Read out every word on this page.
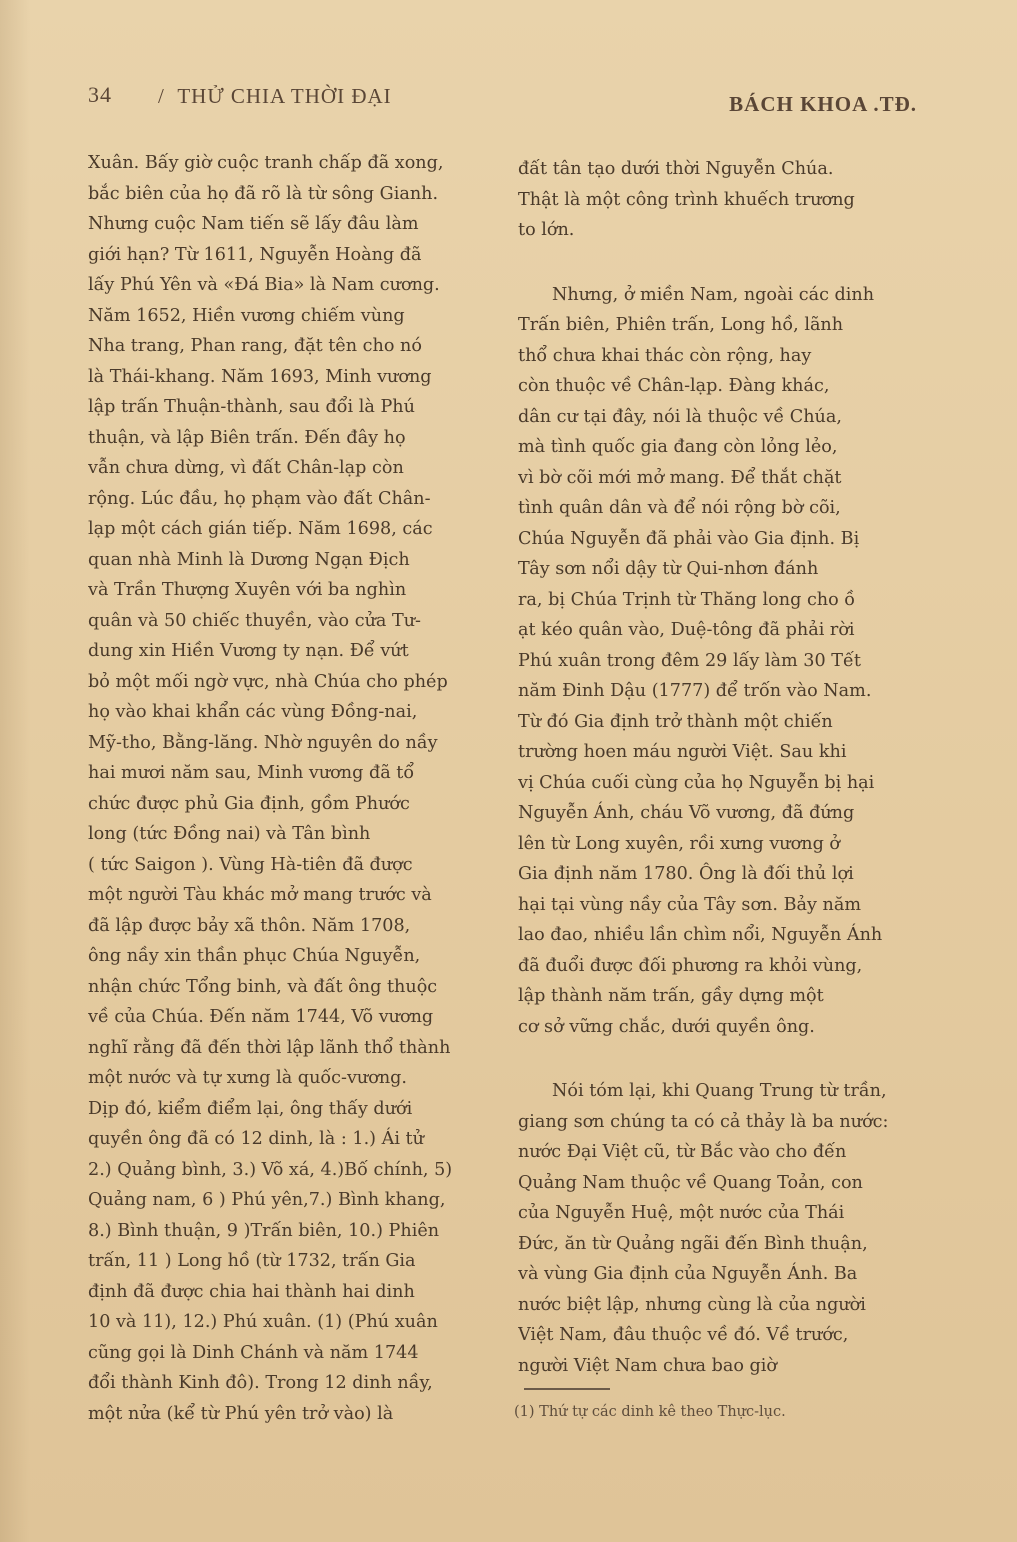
34 / THỬ CHIA THỜI ĐẠI	BÁCH KHOA .TĐ.
Xuân. Bấy giờ cuộc tranh chấp đã xong,
bắc biên của họ đã rõ là từ sông Gianh.
Nhưng cuộc Nam tiến sẽ lấy đâu làm
giới hạn? Từ 1611, Nguyễn Hoàng đã
lấy Phú Yên và «Đá Bia» là Nam cương.
Năm 1652, Hiền vương chiếm vùng
Nha trang, Phan rang, đặt tên cho nó
là Thái-khang. Năm 1693, Minh vương
lập trấn Thuận-thành, sau đổi là Phú
thuận, và lập Biên trấn. Đến đây họ
vẫn chưa dừng, vì đất Chân-lạp còn
rộng. Lúc đầu, họ phạm vào đất Chân-
lạp một cách gián tiếp. Năm 1698, các
quan nhà Minh là Dương Ngạn Địch
và Trần Thượng Xuyên với ba nghìn
quân và 50 chiếc thuyền, vào cửa Tư-
dung xin Hiền Vương ty nạn. Để vứt
bỏ một mối ngờ vực, nhà Chúa cho phép
họ vào khai khẩn các vùng Đồng-nai,
Mỹ-tho, Bằng-lăng. Nhờ nguyên do nầy
hai mươi năm sau, Minh vương đã tổ
chức được phủ Gia định, gồm Phước
long (tức Đồng nai) và Tân bình
( tức Saigon ). Vùng Hà-tiên đã được
một người Tàu khác mở mang trước và
đã lập được bảy xã thôn. Năm 1708,
ông nầy xin thần phục Chúa Nguyễn,
nhận chức Tổng binh, và đất ông thuộc
về của Chúa. Đến năm 1744, Võ vương
nghĩ rằng đã đến thời lập lãnh thổ thành
một nước và tự xưng là quốc-vương.
Dịp đó, kiểm điểm lại, ông thấy dưới
quyền ông đã có 12 dinh, là : 1.) Ái tử
2.) Quảng bình, 3.) Võ xá, 4.)Bố chính, 5)
Quảng nam, 6 ) Phú yên,7.) Bình khang,
8.) Bình thuận, 9 )Trấn biên, 10.) Phiên
trấn, 11 ) Long hồ (từ 1732, trấn Gia
định đã được chia hai thành hai dinh
10 và 11), 12.) Phú xuân. (1) (Phú xuân
cũng gọi là Dinh Chánh và năm 1744
đổi thành Kinh đô). Trong 12 dinh nầy,
một nửa (kể từ Phú yên trở vào) là
đất tân tạo dưới thời Nguyễn Chúa.
Thật là một công trình khuếch trương
to lớn.
Nhưng, ở miền Nam, ngoài các dinh
Trấn biên, Phiên trấn, Long hồ, lãnh
thổ chưa khai thác còn rộng, hay
còn thuộc về Chân-lạp. Đàng khác,
dân cư tại đây, nói là thuộc về Chúa,
mà tình quốc gia đang còn lỏng lẻo,
vì bờ cõi mới mở mang. Để thắt chặt
tình quân dân và để nói rộng bờ cõi,
Chúa Nguyễn đã phải vào Gia định. Bị
Tây sơn nổi dậy từ Qui-nhơn đánh
ra, bị Chúa Trịnh từ Thăng long cho ồ
ạt kéo quân vào, Duệ-tông đã phải rời
Phú xuân trong đêm 29 lấy làm 30 Tết
năm Đinh Dậu (1777) để trốn vào Nam.
Từ đó Gia định trở thành một chiến
trường hoen máu người Việt. Sau khi
vị Chúa cuối cùng của họ Nguyễn bị hại
Nguyễn Ánh, cháu Võ vương, đã đứng
lên từ Long xuyên, rồi xưng vương ở
Gia định năm 1780. Ông là đối thủ lợi
hại tại vùng nầy của Tây sơn. Bảy năm
lao đao, nhiều lần chìm nổi, Nguyễn Ánh
đã đuổi được đối phương ra khỏi vùng,
lập thành năm trấn, gầy dựng một
cơ sở vững chắc, dưới quyền ông.
Nói tóm lại, khi Quang Trung từ trần,
giang sơn chúng ta có cả thảy là ba nước:
nước Đại Việt cũ, từ Bắc vào cho đến
Quảng Nam thuộc về Quang Toản, con
của Nguyễn Huệ, một nước của Thái
Đức, ăn từ Quảng ngãi đến Bình thuận,
và vùng Gia định của Nguyễn Ánh. Ba
nước biệt lập, nhưng cùng là của người
Việt Nam, đâu thuộc về đó. Về trước,
người Việt Nam chưa bao giờ
(1) Thứ tự các dinh kê theo Thực-lục.
